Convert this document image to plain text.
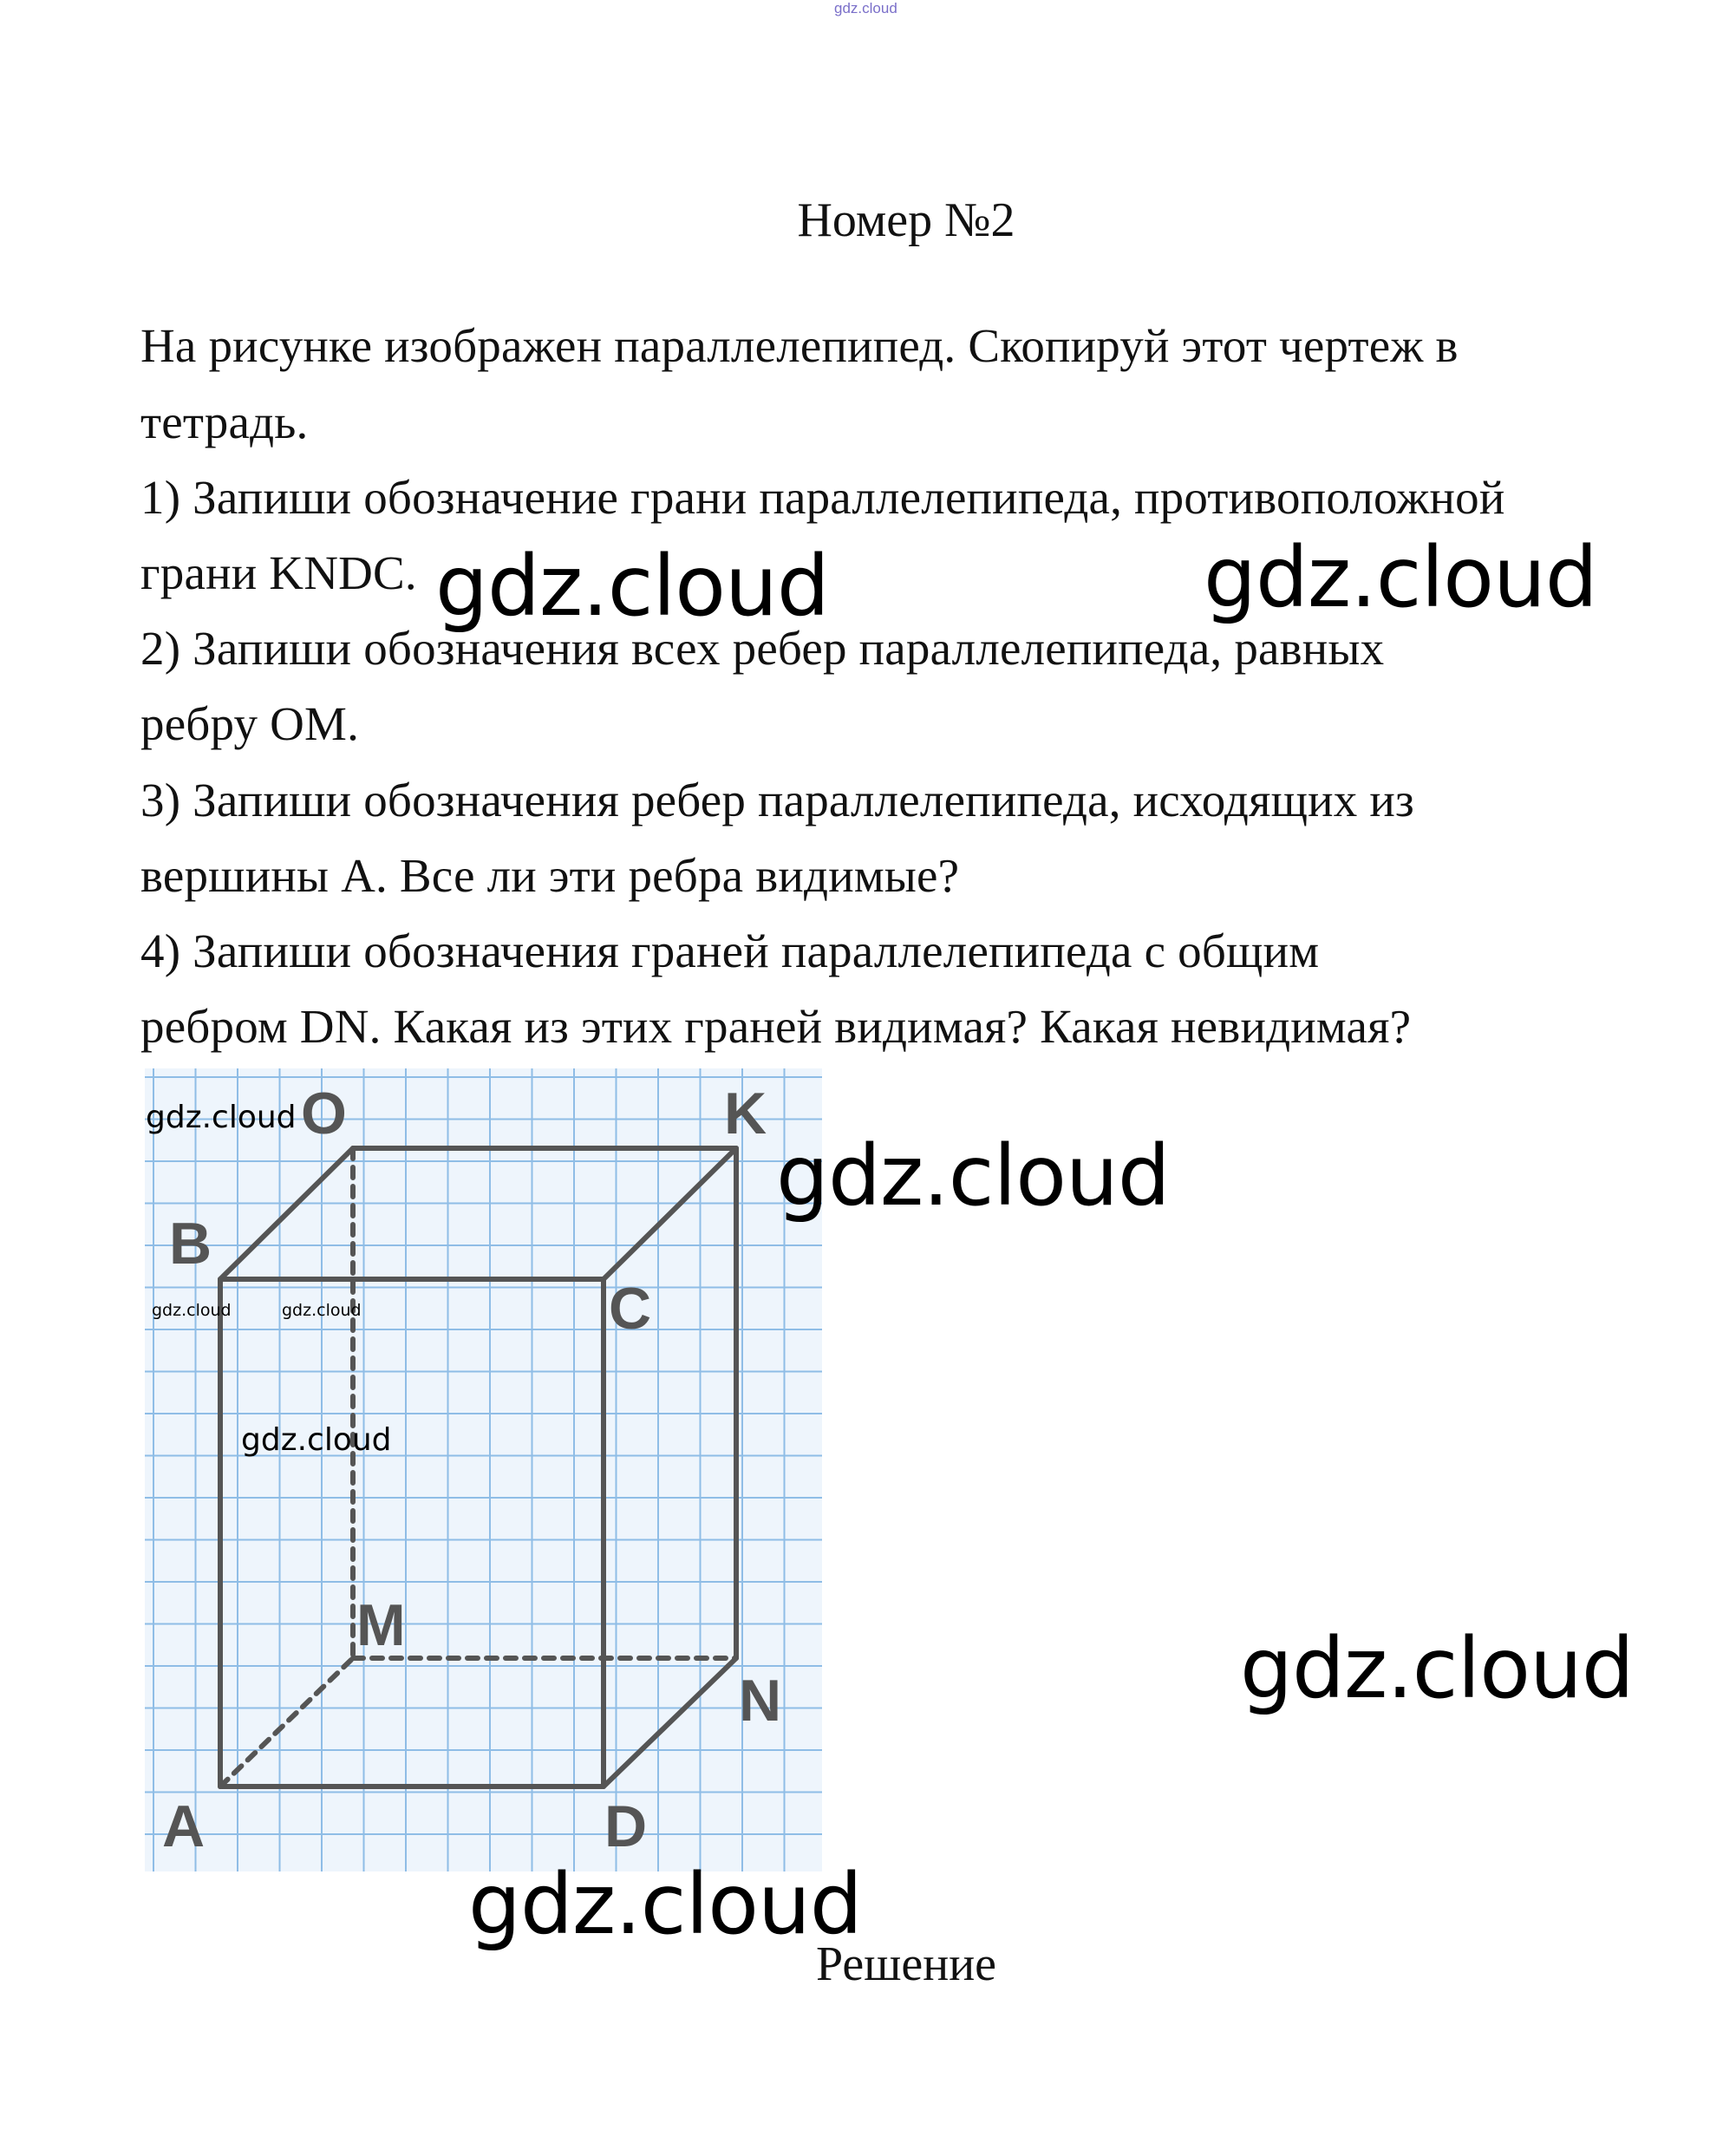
gdz.cloud
Номер №2
На рисунке изображен параллелепипед. Скопируй этот чертеж в
тетрадь.
1) Запиши обозначение грани параллелепипеда, противоположной
грани KNDC.
2) Запиши обозначения всех ребер параллелепипеда, равных
ребру OM.
3) Запиши обозначения ребер параллелепипеда, исходящих из
вершины A. Все ли эти ребра видимые?
4) Запиши обозначения граней параллелепипеда с общим
ребром DN. Какая из этих граней видимая? Какая невидимая?
O	K
B
C
M
N
A	D
gdz.cloud	gdz.cloud
gdz.cloud
gdz.cloud
gdz.cloud
gdz.cloud
gdz.cloud
gdz.cloud	gdz.cloud
Решение
